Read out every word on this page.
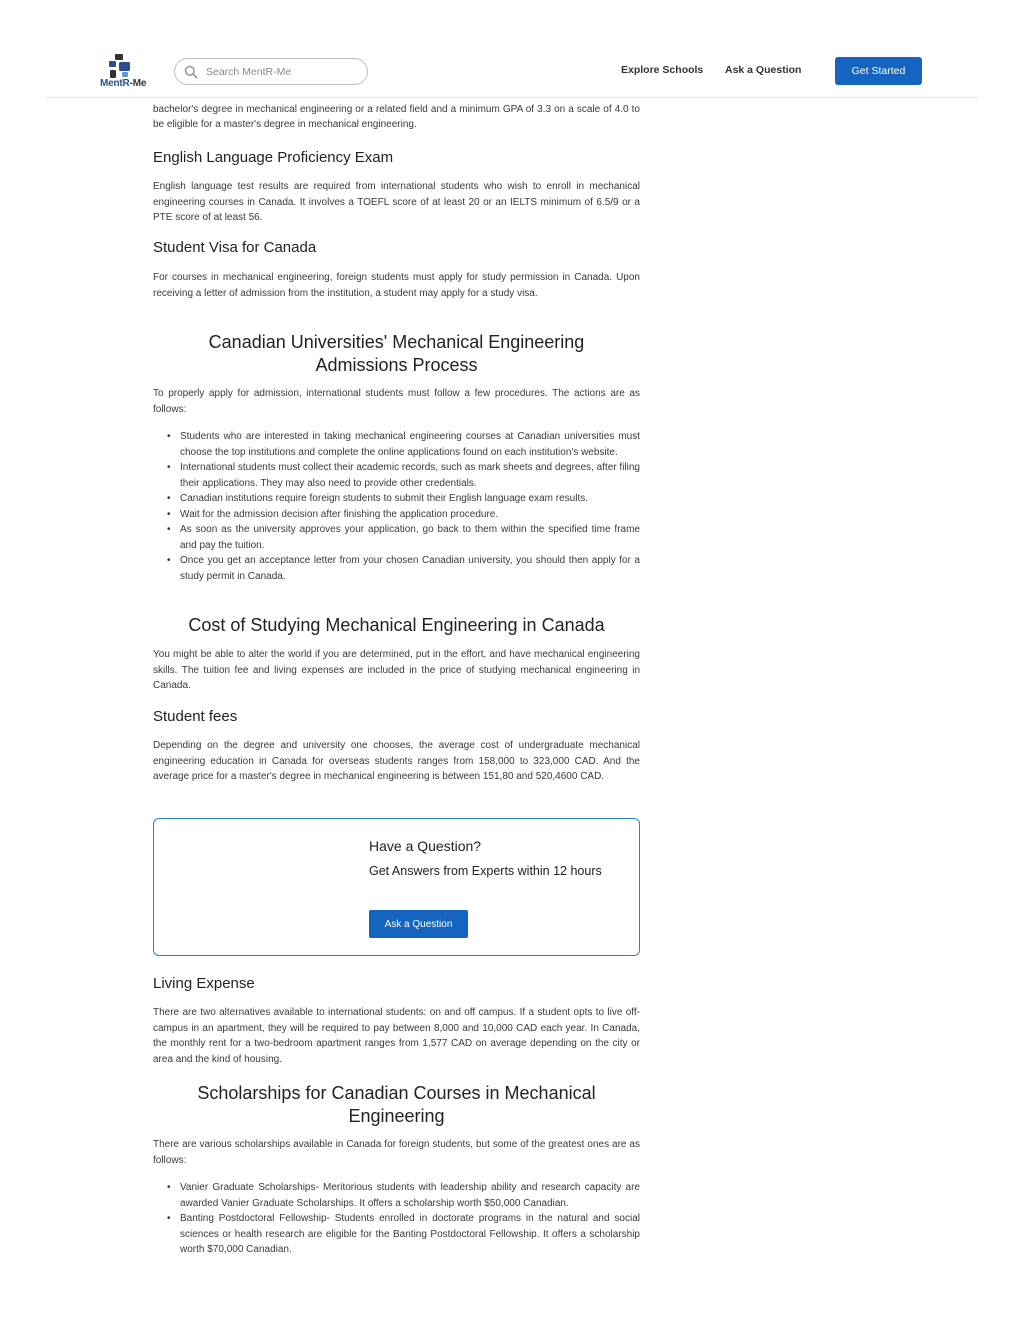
bachelor's degree in mechanical engineering or a related field and a minimum GPA of 3.3 on a scale of 4.0 to be eligible for a master's degree in mechanical engineering.

English Language Proficiency Exam

English language test results are required from international students who wish to enroll in mechanical engineering courses in Canada. It involves a TOEFL score of at least 20 or an IELTS minimum of 6.5/9 or a PTE score of at least 56.

Student Visa for Canada

For courses in mechanical engineering, foreign students must apply for study permission in Canada. Upon receiving a letter of admission from the institution, a student may apply for a study visa.

Canadian Universities' Mechanical Engineering
Admissions Process

To properly apply for admission, international students must follow a few procedures. The actions are as follows:

• Students who are interested in taking mechanical engineering courses at Canadian universities must choose the top institutions and complete the online applications found on each institution's website.
• International students must collect their academic records, such as mark sheets and degrees, after filing their applications. They may also need to provide other credentials.
• Canadian institutions require foreign students to submit their English language exam results.
• Wait for the admission decision after finishing the application procedure.
• As soon as the university approves your application, go back to them within the specified time frame and pay the tuition.
• Once you get an acceptance letter from your chosen Canadian university, you should then apply for a study permit in Canada.
Cost of Studying Mechanical Engineering in Canada

You might be able to alter the world if you are determined, put in the effort, and have mechanical engineering skills. The tuition fee and living expenses are included in the price of studying mechanical engineering in Canada.

Student fees

Depending on the degree and university one chooses, the average cost of undergraduate mechanical engineering education in Canada for overseas students ranges from 158,000 to 323,000 CAD. And the average price for a master's degree in mechanical engineering is between 151,80 and 520,4600 CAD.

Living Expense

There are two alternatives available to international students: on and off campus. If a student opts to live off-campus in an apartment, they will be required to pay between 8,000 and 10,000 CAD each year. In Canada, the monthly rent for a two-bedroom apartment ranges from 1,577 CAD on average depending on the city or area and the kind of housing.

Scholarships for Canadian Courses in Mechanical
Engineering

There are various scholarships available in Canada for foreign students, but some of the greatest ones are as follows:

• Vanier Graduate Scholarships- Meritorious students with leadership ability and research capacity are awarded Vanier Graduate Scholarships. It offers a scholarship worth $50,000 Canadian.
• Banting Postdoctoral Fellowship- Students enrolled in doctorate programs in the natural and social sciences or health research are eligible for the Banting Postdoctoral Fellowship. It offers a scholarship worth $70,000 Canadian.
Have a Question?
Get Answers from Experts within 12 hours
Ask a Question
MentR-Me
Search MentR-Me
Explore Schools Ask a Question	Get Started
